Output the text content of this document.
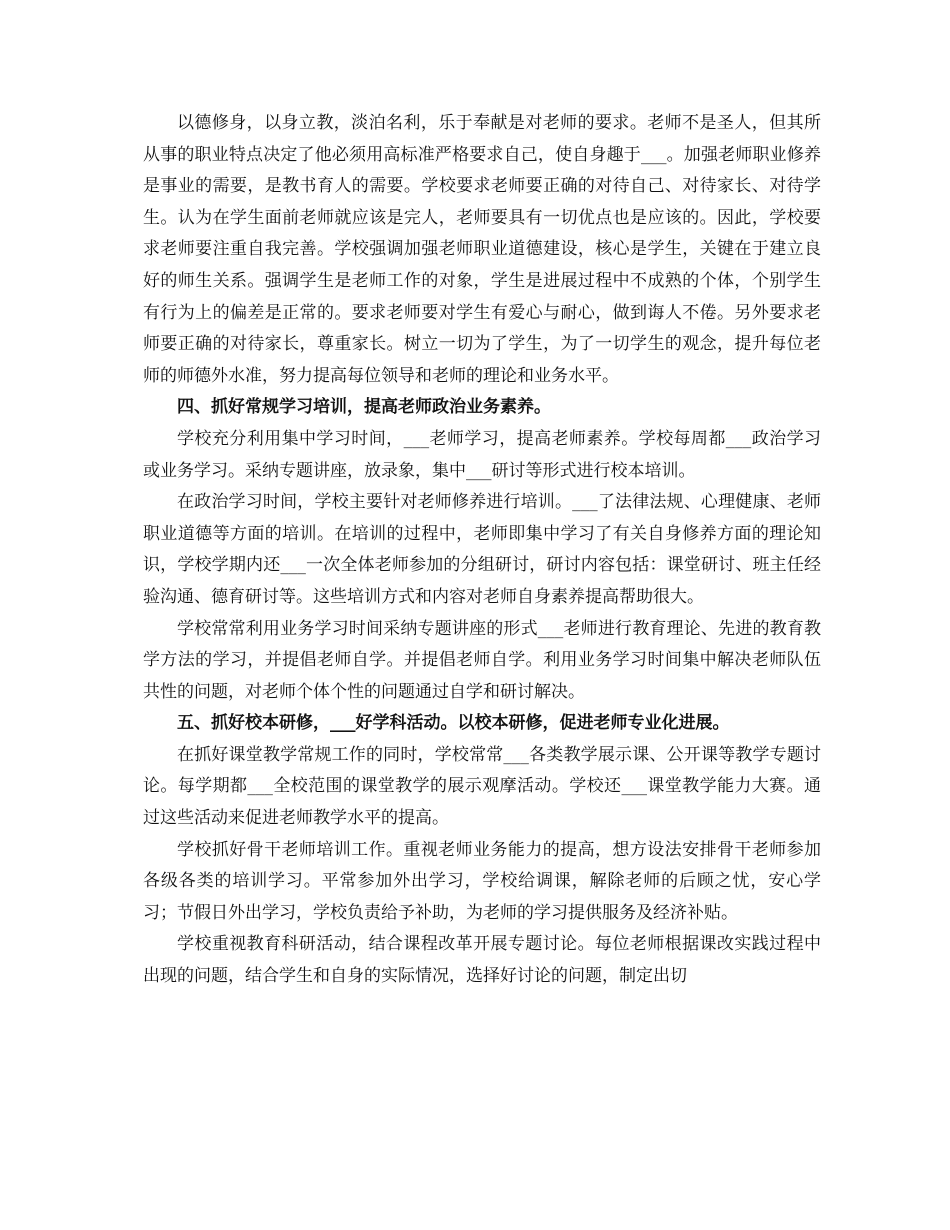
以德修身，以身立教，淡泊名利，乐于奉献是对老师的要求。老师不是圣人，但其所从事的职业特点决定了他必须用高标准严格要求自己，使自身趣于___。加强老师职业修养是事业的需要，是教书育人的需要。学校要求老师要正确的对待自己、对待家长、对待学生。认为在学生面前老师就应该是完人，老师要具有一切优点也是应该的。因此，学校要求老师要注重自我完善。学校强调加强老师职业道德建设，核心是学生，关键在于建立良好的师生关系。强调学生是老师工作的对象，学生是进展过程中不成熟的个体，个别学生有行为上的偏差是正常的。要求老师要对学生有爱心与耐心，做到诲人不倦。另外要求老师要正确的对待家长，尊重家长。树立一切为了学生，为了一切学生的观念，提升每位老师的师德外水准，努力提高每位领导和老师的理论和业务水平。

四、抓好常规学习培训，提高老师政治业务素养。

学校充分利用集中学习时间，___老师学习，提高老师素养。学校每周都___政治学习或业务学习。采纳专题讲座，放录象，集中___研讨等形式进行校本培训。

在政治学习时间，学校主要针对老师修养进行培训。___了法律法规、心理健康、老师职业道德等方面的培训。在培训的过程中，老师即集中学习了有关自身修养方面的理论知识，学校学期内还___一次全体老师参加的分组研讨，研讨内容包括：课堂研讨、班主任经验沟通、德育研讨等。这些培训方式和内容对老师自身素养提高帮助很大。

学校常常利用业务学习时间采纳专题讲座的形式___老师进行教育理论、先进的教育教学方法的学习，并提倡老师自学。并提倡老师自学。利用业务学习时间集中解决老师队伍共性的问题，对老师个体个性的问题通过自学和研讨解决。

五、抓好校本研修，___好学科活动。以校本研修，促进老师专业化进展。

在抓好课堂教学常规工作的同时，学校常常___各类教学展示课、公开课等教学专题讨论。每学期都___全校范围的课堂教学的展示观摩活动。学校还___课堂教学能力大赛。通过这些活动来促进老师教学水平的提高。

学校抓好骨干老师培训工作。重视老师业务能力的提高，想方设法安排骨干老师参加各级各类的培训学习。平常参加外出学习，学校给调课，解除老师的后顾之忧，安心学习；节假日外出学习，学校负责给予补助，为老师的学习提供服务及经济补贴。

学校重视教育科研活动，结合课程改革开展专题讨论。每位老师根据课改实践过程中出现的问题，结合学生和自身的实际情况，选择好讨论的问题，制定出切
